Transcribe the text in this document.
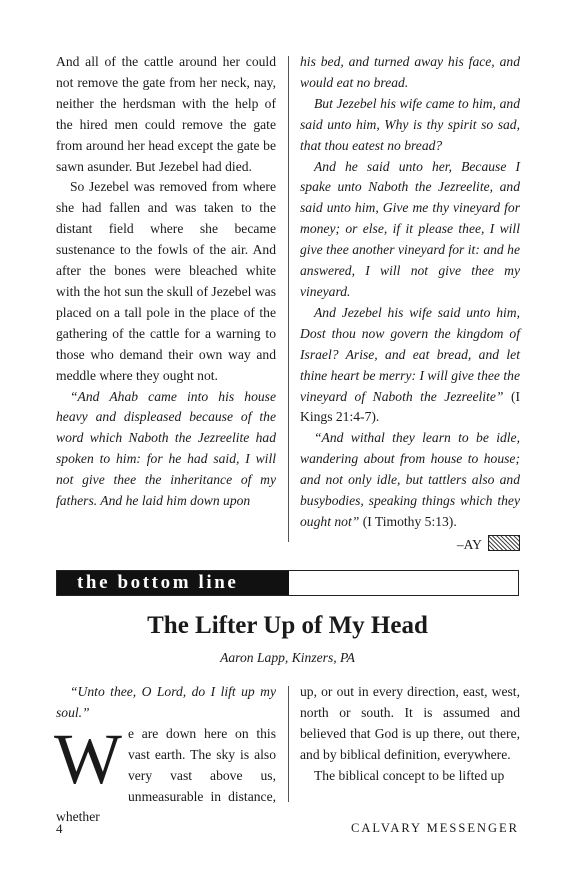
And all of the cattle around her could not remove the gate from her neck, nay, neither the herdsman with the help of the hired men could remove the gate from around her head except the gate be sawn asunder. But Jezebel had died.

So Jezebel was removed from where she had fallen and was taken to the distant field where she became sustenance to the fowls of the air. And after the bones were bleached white with the hot sun the skull of Jezebel was placed on a tall pole in the place of the gathering of the cattle for a warning to those who demand their own way and meddle where they ought not.

“And Ahab came into his house heavy and displeased because of the word which Naboth the Jezreelite had spoken to him: for he had said, I will not give thee the inheritance of my fathers. And he laid him down upon

his bed, and turned away his face, and would eat no bread.

But Jezebel his wife came to him, and said unto him, Why is thy spirit so sad, that thou eatest no bread?

And he said unto her, Because I spake unto Naboth the Jezreelite, and said unto him, Give me thy vineyard for money; or else, if it please thee, I will give thee another vineyard for it: and he answered, I will not give thee my vineyard.

And Jezebel his wife said unto him, Dost thou now govern the kingdom of Israel? Arise, and eat bread, and let thine heart be merry: I will give thee the vineyard of Naboth the Jezreelite” (I Kings 21:4-7).

“And withal they learn to be idle, wandering about from house to house; and not only idle, but tattlers also and busybodies, speaking things which they ought not” (I Timothy 5:13).

–AY

the bottom line
The Lifter Up of My Head
Aaron Lapp, Kinzers, PA

“Unto thee, O Lord, do I lift up my soul.”

We are down here on this vast earth. The sky is also very vast above us, unmeasurable in distance, whether

up, or out in every direction, east, west, north or south. It is assumed and believed that God is up there, out there, and by biblical definition, everywhere.

The biblical concept to be lifted up

4	CALVARY MESSENGER
